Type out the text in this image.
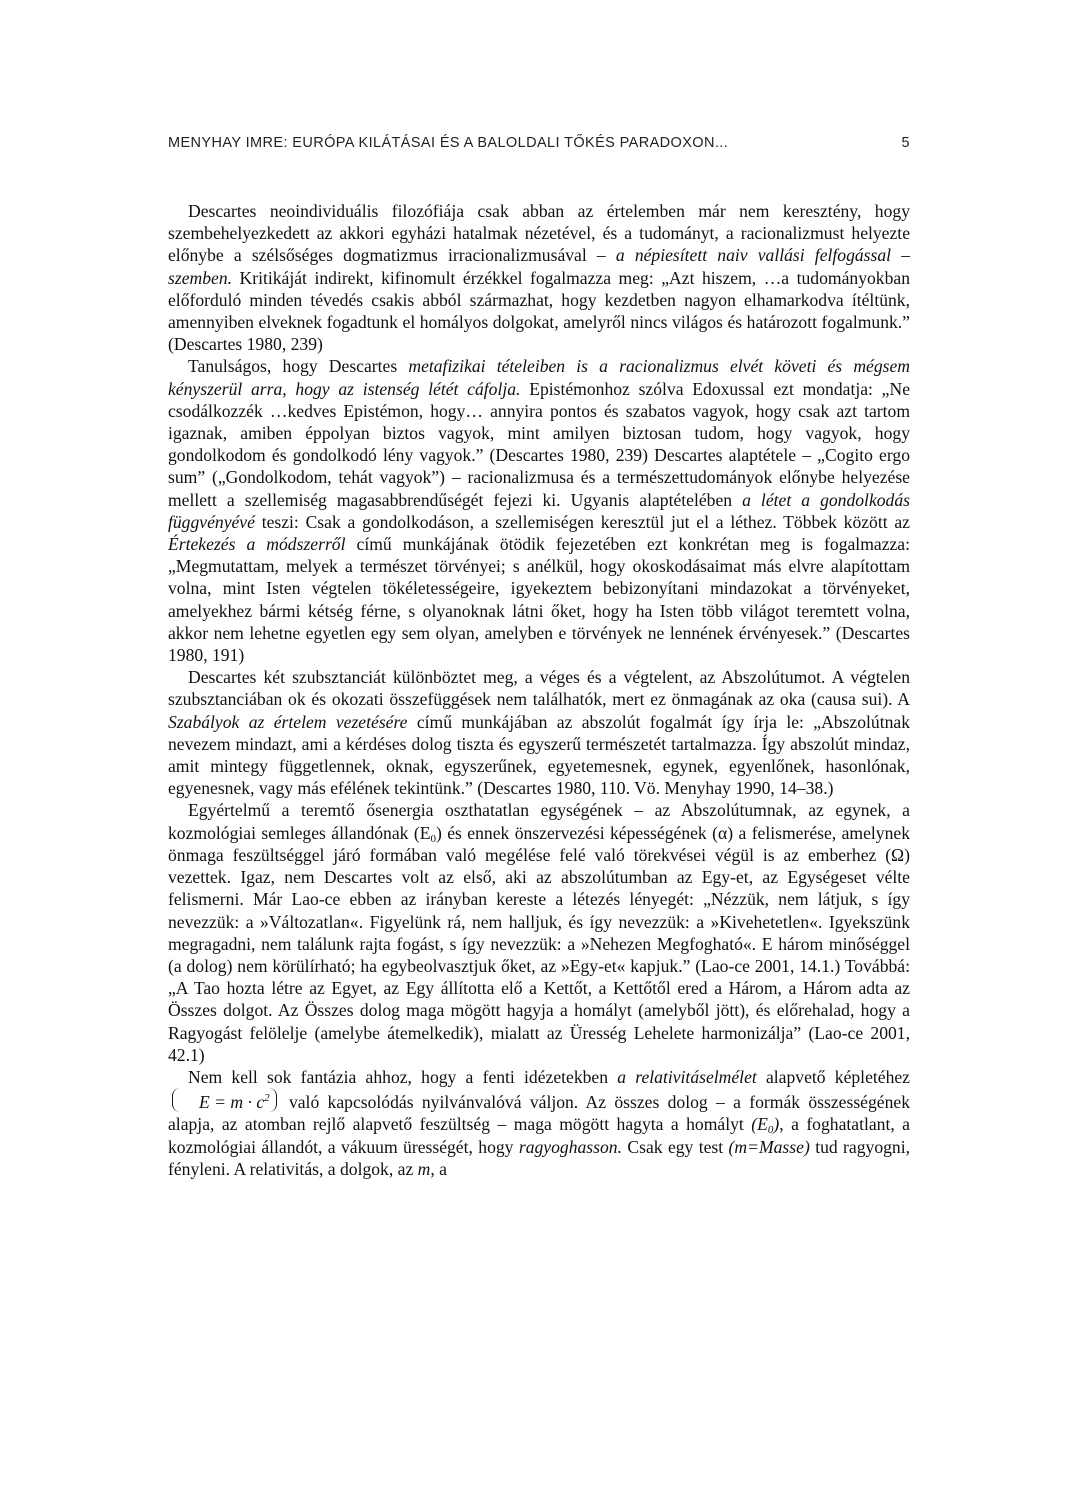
MENYHAY IMRE: EURÓPA KILÁTÁSAI ÉS A BALOLDALI TŐKÉS PARADOXON...	5

Descartes neoindividuális filozófiája csak abban az értelemben már nem keresztény, hogy szembehelyezkedett az akkori egyházi hatalmak nézetével, és a tudományt, a racionalizmust helyezte előnybe a szélsőséges dogmatizmus irracionalizmusával – a népiesített naiv vallási felfogással – szemben. Kritikáját indirekt, kifinomult érzékkel fogalmazza meg: „Azt hiszem, …a tudományokban előforduló minden tévedés csakis abból származhat, hogy kezdetben nagyon elhamarkodva ítéltünk, amennyiben elveknek fogadtunk el homályos dolgokat, amelyről nincs világos és határozott fogalmunk.” (Descartes 1980, 239)

Tanulságos, hogy Descartes metafizikai tételeiben is a racionalizmus elvét követi és mégsem kényszerül arra, hogy az istenség létét cáfolja. Epistémonhoz szólva Edoxussal ezt mondatja: „Ne csodálkozzék …kedves Epistémon, hogy… annyira pontos és szabatos vagyok, hogy csak azt tartom igaznak, amiben éppolyan biztos vagyok, mint amilyen biztosan tudom, hogy vagyok, hogy gondolkodom és gondolkodó lény vagyok.” (Descartes 1980, 239) Descartes alaptétele – „Cogito ergo sum” („Gondolkodom, tehát vagyok”) – racionalizmusa és a természettudományok előnybe helyezése mellett a szellemiség magasabbrendűségét fejezi ki. Ugyanis alaptételében a létet a gondolkodás függvényévé teszi: Csak a gondolkodáson, a szellemiségen keresztül jut el a léthez. Többek között az Értekezés a módszerről című munkájának ötödik fejezetében ezt konkrétan meg is fogalmazza: „Megmutattam, melyek a természet törvényei; s anélkül, hogy okoskodásaimat más elvre alapítottam volna, mint Isten végtelen tökéletességeire, igyekeztem bebizonyítani mindazokat a törvényeket, amelyekhez bármi kétség férne, s olyanoknak látni őket, hogy ha Isten több világot teremtett volna, akkor nem lehetne egyetlen egy sem olyan, amelyben e törvények ne lennének érvényesek.” (Descartes 1980, 191)

Descartes két szubsztanciát különböztet meg, a véges és a végtelent, az Abszolútumot. A végtelen szubsztanciában ok és okozati összefüggések nem találhatók, mert ez önmagának az oka (causa sui). A Szabályok az értelem vezetésére című munkájában az abszolút fogalmát így írja le: „Abszolútnak nevezem mindazt, ami a kérdéses dolog tiszta és egyszerű természetét tartalmazza. Így abszolút mindaz, amit mintegy függetlennek, oknak, egyszerűnek, egyetemesnek, egynek, egyenlőnek, hasonlónak, egyenesnek, vagy más efélének tekintünk.” (Descartes 1980, 110. Vö. Menyhay 1990, 14–38.)

Egyértelmű a teremtő ősenergia oszthatatlan egységének – az Abszolútumnak, az egynek, a kozmológiai semleges állandónak $(E_0)$ és ennek önszervezési képességének (α) a felismerése, amelynek önmaga feszültséggel járó formában való megélése felé való törekvései végül is az emberhez (Ω) vezettek. Igaz, nem Descartes volt az első, aki az abszolútumban az Egy-et, az Egységeset vélte felismerni. Már Lao-ce ebben az irányban kereste a létezés lényegét: „Nézzük, nem látjuk, s így nevezzük: a »Változatlan«. Figyelünk rá, nem halljuk, és így nevezzük: a »Kivehetetlen«. Igyekszünk megragadni, nem találunk rajta fogást, s így nevezzük: a »Nehezen Megfogható«. E három minőséggel (a dolog) nem körülírható; ha egybeolvasztjuk őket, az »Egy-et« kapjuk.” (Lao-ce 2001, 14.1.) Továbbá: „A Tao hozta létre az Egyet, az Egy állította elő a Kettőt, a Kettőtől ered a Három, a Három adta az Összes dolgot. Az Összes dolog maga mögött hagyja a homályt (amelyből jött), és előrehalad, hogy a Ragyogást felölelje (amelybe átemelkedik), mialatt az Üresség Lehelete harmonizálja” (Lao-ce 2001, 42.1)

Nem kell sok fantázia ahhoz, hogy a fenti idézetekben a relativitáselmélet alapvető képletéhez $E = m \cdot c^2$ való kapcsolódás nyilvánvalóvá váljon. Az összes dolog – a formák összességének alapja, az atomban rejlő alapvető feszültség – maga mögött hagyta a homályt $(E_0)$, a foghatatlant, a kozmológiai állandót, a vákuum ürességét, hogy ragyoghasson. Csak egy test (m=Masse) tud ragyogni, fényleni. A relativitás, a dolgok, az m, a
